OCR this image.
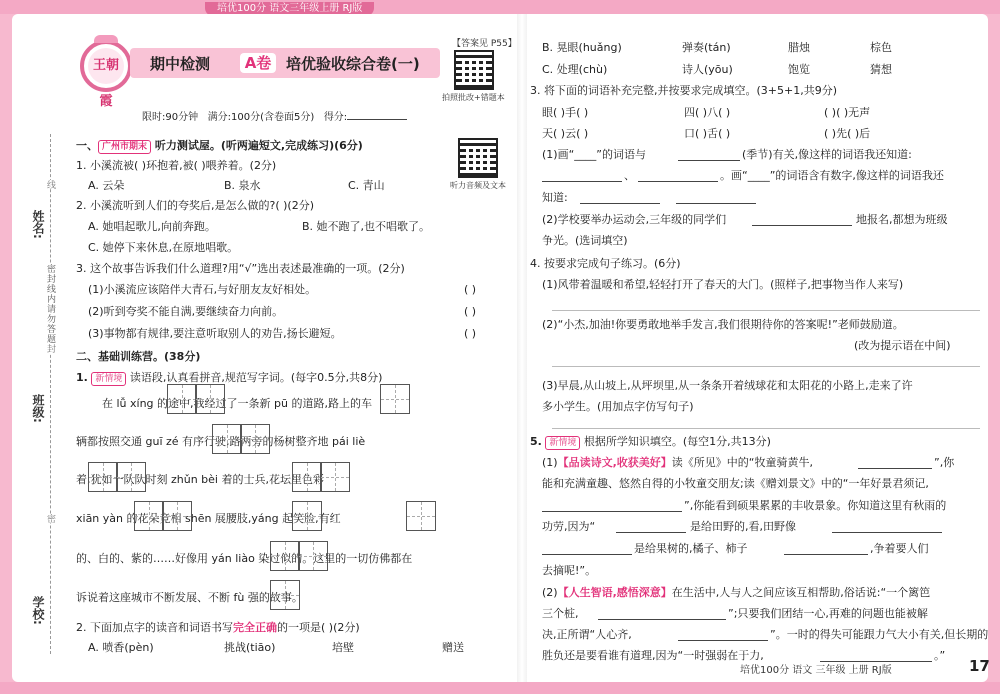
培优100分 语文三年级上册 RJ版
姓名:
班级:
学校:
线
密封线内请勿答题
封
密
王朝霞
期中检测	A卷 培优验收综合卷(一)
【答案见 P55】
拍照批改+错题本
听力音频及文本
限时:90分钟 满分:100分(含卷面5分) 得分:
一、 广州市期末 听力测试屋。(听两遍短文,完成练习)(6分)
1. 小溪流被( )环抱着,被( )喂养着。(2分)
A. 云朵	B. 泉水	C. 青山
2. 小溪流听到人们的夸奖后,是怎么做的?( )(2分)
A. 她唱起歌儿,向前奔跑。	B. 她不跑了,也不唱歌了。
C. 她停下来休息,在原地唱歌。
3. 这个故事告诉我们什么道理?用“√”选出表述最准确的一项。(2分)
(1)小溪流应该陪伴大青石,与好朋友友好相处。	( )
(2)听到夸奖不能自满,要继续奋力向前。	( )
(3)事物都有规律,要注意听取别人的劝告,扬长避短。	( )
二、基础训练营。(38分)
1. 新情境 读语段,认真看拼音,规范写字词。(每字0.5分,共8分)
在 lǚ xíng 的途中,我经过了一条新 pū 的道路,路上的车
辆都按照交通 guī zé 有序行驶,路两旁的杨树整齐地 pái liè
着,犹如一队队时刻 zhǔn bèi 着的士兵,花坛里色彩
xiān yàn 的花朵竞相 shēn 展腰肢,yáng 起笑脸,有红
的、白的、紫的……好像用 yán liào 染过似的。这里的一切仿佛都在
诉说着这座城市不断发展、不断 fù 强的故事。
2. 下面加点字的读音和词语书写完全正确的一项是( )(2分)
A. 喷香(pèn)	挑战(tiāo)	培壁	赠送
B. 晃眼(huǎng)	弹奏(tán)	腊烛	棕色
C. 处理(chù)	诗人(yōu)	饱览	猜想
3. 将下面的词语补充完整,并按要求完成填空。(3+5+1,共9分)
眼( )手( )	四( )八( )	( )( )无声
天( )云( )	口( )舌( )	( )先( )后
(1)画“____”的词语与	(季节)有关,像这样的词语我还知道:
、	。画“____”的词语含有数字,像这样的词语我还
知道:
(2)学校要举办运动会,三年级的同学们	地报名,都想为班级
争光。(选词填空)
4. 按要求完成句子练习。(6分)
(1)风带着温暖和希望,轻轻打开了春天的大门。(照样子,把事物当作人来写)
(2)“小杰,加油!你要勇敢地举手发言,我们很期待你的答案呢!”老师鼓励道。
(改为提示语在中间)
(3)早晨,从山坡上,从坪坝里,从一条条开着绒球花和太阳花的小路上,走来了许
多小学生。(用加点字仿写句子)
5. 新情境 根据所学知识填空。(每空1分,共13分)
(1)【品读诗文,收获美好】读《所见》中的“牧童骑黄牛,	”,你
能和充满童趣、悠然自得的小牧童交朋友;读《赠刘景文》中的“一年好景君须记,
”,你能看到硕果累累的丰收景象。你知道这里有秋雨的
功劳,因为“	是给田野的,看,田野像
是给果树的,橘子、柿子	,争着要人们
去摘呢!”。
(2)【人生智语,感悟深意】在生活中,人与人之间应该互相帮助,俗话说:“一个篱笆
三个桩,	”;只要我们团结一心,再难的问题也能被解
决,正所谓“人心齐,	”。一时的得失可能跟力气大小有关,但长期的
胜负还是要看谁有道理,因为“一时强弱在于力,	。”
培优100分 语文 三年级 上册 RJ版	17
